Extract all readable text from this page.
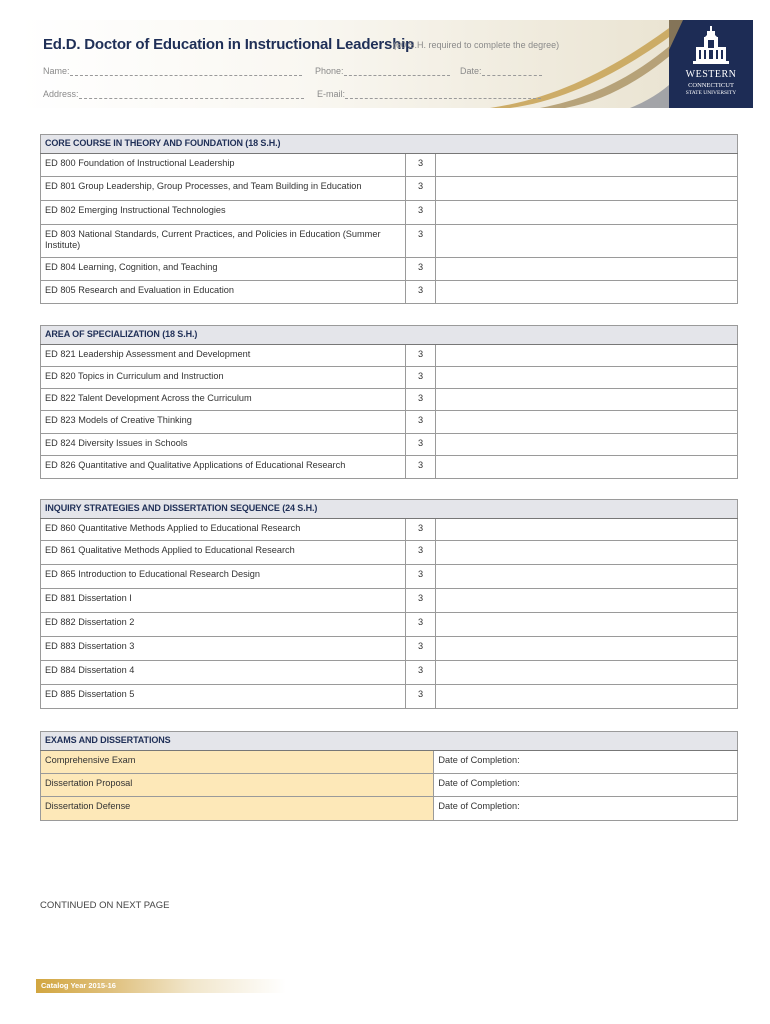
Ed.D. Doctor of Education in Instructional Leadership
(60 S.H. required to complete the degree)
Name:	Phone:	Date:
Address:	E-mail:
WESTERN
CONNECTICUT
STATE UNIVERSITY
CORE COURSE IN THEORY AND FOUNDATION (18 S.H.)		
ED 800 Foundation of Instructional Leadership	3	
ED 801 Group Leadership, Group Processes, and Team Building in Education	3	
ED 802 Emerging Instructional Technologies	3	
ED 803 National Standards, Current Practices, and Policies in Education (Summer Institute)	3	
ED 804 Learning, Cognition, and Teaching	3	
ED 805 Research and Evaluation in Education	3	
AREA OF SPECIALIZATION (18 S.H.)		
ED 821 Leadership Assessment and Development	3	
ED 820 Topics in Curriculum and Instruction	3	
ED 822 Talent Development Across the Curriculum	3	
ED 823 Models of Creative Thinking	3	
ED 824 Diversity Issues in Schools	3	
ED 826 Quantitative and Qualitative Applications of Educational Research	3	
INQUIRY STRATEGIES AND DISSERTATION SEQUENCE (24 S.H.)		
ED 860 Quantitative Methods Applied to Educational Research	3	
ED 861 Qualitative Methods Applied to Educational Research	3	
ED 865 Introduction to Educational Research Design	3	
ED 881 Dissertation I	3	
ED 882 Dissertation 2	3	
ED 883 Dissertation 3	3	
ED 884 Dissertation 4	3	
ED 885 Dissertation 5	3	
EXAMS AND DISSERTATIONS	
Comprehensive Exam	Date of Completion:
Dissertation Proposal	Date of Completion:
Dissertation Defense	Date of Completion:
CONTINUED ON NEXT PAGE
Catalog Year 2015-16
